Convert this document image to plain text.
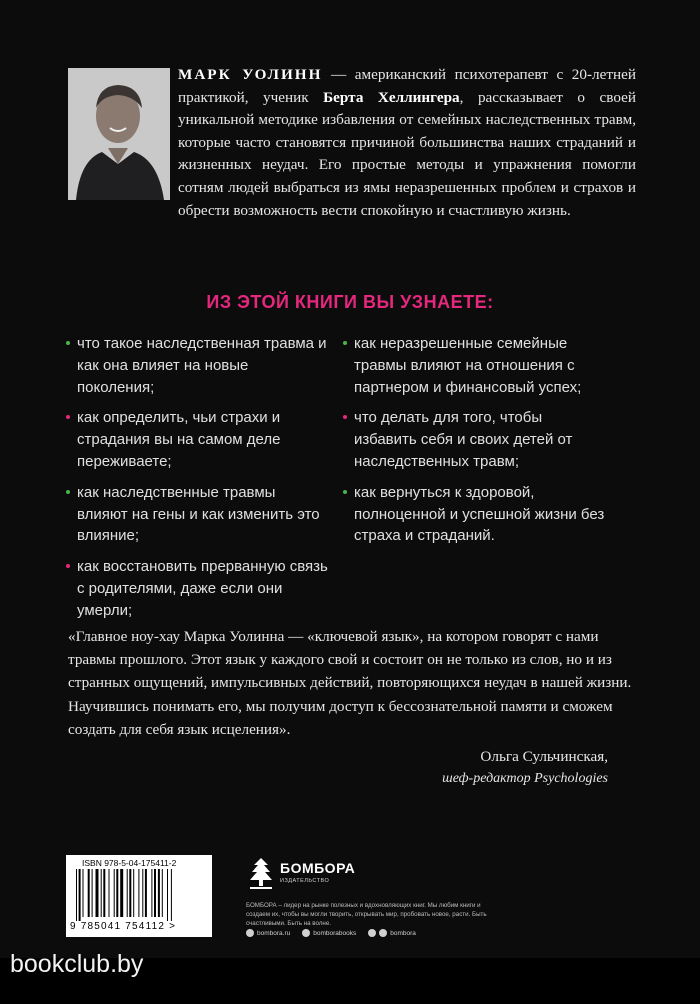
МАРК УОЛИНН — американский психотерапевт с 20-летней практикой, ученик Берта Хеллингера, рассказывает о своей уникальной методике избавления от семейных наследственных травм, которые часто становятся причиной большинства наших страданий и жизненных неудач. Его простые методы и упражнения помогли сотням людей выбраться из ямы неразрешенных проблем и страхов и обрести возможность вести спокойную и счастливую жизнь.
ИЗ ЭТОЙ КНИГИ ВЫ УЗНАЕТЕ:
что такое наследственная травма и как она влияет на новые поколения;
как определить, чьи страхи и страдания вы на самом деле переживаете;
как наследственные травмы влияют на гены и как изменить это влияние;
как восстановить прерванную связь с родителями, даже если они умерли;
как неразрешенные семейные травмы влияют на отношения с партнером и финансовый успех;
что делать для того, чтобы избавить себя и своих детей от наследственных травм;
как вернуться к здоровой, полноценной и успешной жизни без страха и страданий.
«Главное ноу-хау Марка Уолинна — «ключевой язык», на котором говорят с нами травмы прошлого. Этот язык у каждого свой и состоит он не только из слов, но и из странных ощущений, импульсивных действий, повторяющихся неудач в нашей жизни. Научившись понимать его, мы получим доступ к бессознательной памяти и сможем создать для себя язык исцеления».
Ольга Сульчинская,
шеф-редактор Psychologies
ISBN 978-5-04-175411-2
9 785041 754112 >
БОМБОРА
ИЗДАТЕЛЬСТВО
БОМБОРА – лидер на рынке полезных и вдохновляющих книг. Мы любим книги и создаем их, чтобы вы могли творить, открывать мир, пробовать новое, расти. Быть счастливыми. Быть на волне.
bombora.ru	bomborabooks	bombora
bookclub.by
